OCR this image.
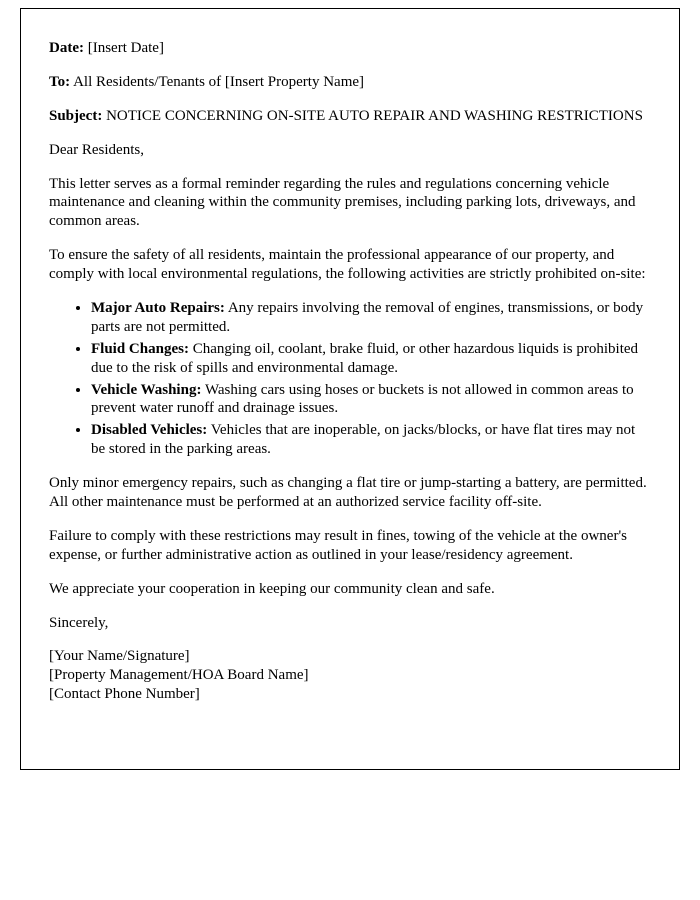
Date: [Insert Date]
To: All Residents/Tenants of [Insert Property Name]
Subject: NOTICE CONCERNING ON-SITE AUTO REPAIR AND WASHING RESTRICTIONS

Dear Residents,

This letter serves as a formal reminder regarding the rules and regulations concerning vehicle maintenance and cleaning within the community premises, including parking lots, driveways, and common areas.

To ensure the safety of all residents, maintain the professional appearance of our property, and comply with local environmental regulations, the following activities are strictly prohibited on-site:

• Major Auto Repairs: Any repairs involving the removal of engines, transmissions, or body parts are not permitted.
• Fluid Changes: Changing oil, coolant, brake fluid, or other hazardous liquids is prohibited due to the risk of spills and environmental damage.
• Vehicle Washing: Washing cars using hoses or buckets is not allowed in common areas to prevent water runoff and drainage issues.
• Disabled Vehicles: Vehicles that are inoperable, on jacks/blocks, or have flat tires may not be stored in the parking areas.

Only minor emergency repairs, such as changing a flat tire or jump-starting a battery, are permitted. All other maintenance must be performed at an authorized service facility off-site.

Failure to comply with these restrictions may result in fines, towing of the vehicle at the owner's expense, or further administrative action as outlined in your lease/residency agreement.

We appreciate your cooperation in keeping our community clean and safe.

Sincerely,

[Your Name/Signature]
[Property Management/HOA Board Name]
[Contact Phone Number]
